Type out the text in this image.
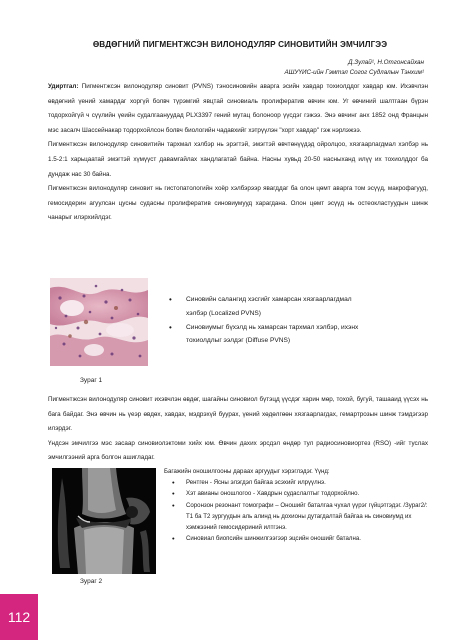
ӨВДӨГНИЙ ПИГМЕНТЖСЭН ВИЛОНОДУЛЯР СИНОВИТИЙН ЭМЧИЛГЭЭ
Д.Зулай¹, Н.Отгонсайхан
АШУҮИС-ийн Гэмтэл Согог Судлалын Тэнхим¹

Удиртгал: Пигментжсэн вилонодуляр синовит (PVNS) тэносиновийн аварга эсийн хавдар тохиолддог хавдар юм. Ихэвчлэн өвдөгний үений хамардаг хоргүй болвч түрэмгий явцтай синовиаль пролифератив өвчин юм. Уг өвчиний шалтгаан бүрэн тодорхойгүй ч сүүлийн үеийн судалгаануудад PLX3397 гений мутац болоноор үүсдэг гэжээ. Энэ өвчинг анх 1852 онд Францын мэс засалч Шассейнакар тодорхойлсон болвч биологийн чадавхийг хэтрүүлэн "хорт хавдар" гэж нэрлэжээ.

Пигментжсэн вилонодуляр синовитийн тархмал хэлбэр нь эрэгтэй, эмэгтэй өвчтөнүүдэд ойролцоо, хязгаарлагдмал хэлбэр нь 1.5-2:1 харьцаатай эмэгтэй хүмүүст давамгайлах хандлагатай байна. Насны хувьд 20-50 насныханд илүү их тохиолддог ба дундаж нас 30 байна.

Пигментжсэн вилонодуляр синовит нь гистопатологийн хоёр хэлбэрээр явагддаг ба олон цөмт аварга том эсүүд, макрофагууд, гемосидерин агуулсан цусны судасны пролифератив синовиумууд харагдана. Олон цөмт эсүүд нь остеокластуудын шинж чанарыг илэрхийлдэг.

Зураг 1
• Синовийн салангид хэсгийг хамарсан хязгаарлагдмал хэлбэр (Localized PVNS)
• Синовиумыг бүхэлд нь хамарсан тархмал хэлбэр, ихэнх тохиолдлыг ээлдэг (Diffuse PVNS)

Пигментжсэн вилонодуляр синовит ихэвчлэн өвдөг, шагайны синовиол бүтэцд үүсдэг харин мөр, тохой, бугуй, ташааид үүсэх нь бага байдаг. Энэ өвчин нь үеэр өвдөх, хавдах, мэдрэхүй буурах, үений хөдөлгөөн хязгаарлагдах, гемартрозын шинж тэмдэгээр илэрдэг.

Үндсэн эмчилгээ мэс засаар синовиолэктоми хийх юм. Өвчин дахих эрсдэл өндөр тул радиосиновиортез (RSO) -ийг туслах эмчилгээний арга болгон ашигладаг.

Зураг 2

Багажийн оношилгооны дараах аргуудыг хэрэглэдэг. Үүнд:

• Рентген - Ясны элэгдэл байгаа эсэхийг илрүүлнэ.
• Хэт авианы оношлогоо - Хавдрын судаслалтыг тодорхойлно.
• Соронзон резонант томографи – Оношийг баталгаа чухал үүрэг гүйцэтгэдэг. /Зураг2/: T1 ба T2 зургуудын аль алинд нь дохионы дутагдалтай байгаа нь синовиумд их хэмжээний гемосидериний илтгэнэ.
• Синовиал биопсийн шинжилгээгээр эцсийн оношийг батална.
112
